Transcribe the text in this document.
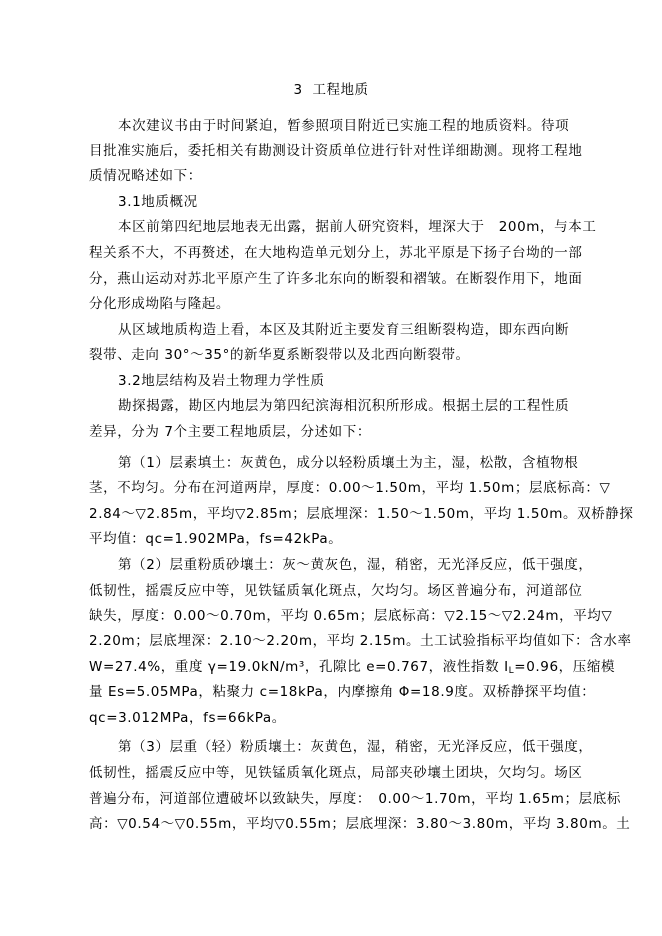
3 工程地质
本次建议书由于时间紧迫，暂参照项目附近已实施工程的地质资料。待项
目批准实施后，委托相关有勘测设计资质单位进行针对性详细勘测。现将工程地
质情况略述如下：
3.1地质概况
本区前第四纪地层地表无出露，据前人研究资料，埋深大于　200m，与本工
程关系不大，不再赘述，在大地构造单元划分上，苏北平原是下扬子台坳的一部
分，燕山运动对苏北平原产生了许多北东向的断裂和褶皱。在断裂作用下，地面
分化形成坳陷与隆起。
从区域地质构造上看，本区及其附近主要发育三组断裂构造，即东西向断
裂带、走向 30°～35°的新华夏系断裂带以及北西向断裂带。
3.2地层结构及岩土物理力学性质
勘探揭露，勘区内地层为第四纪滨海相沉积所形成。根据土层的工程性质
差异，分为 7个主要工程地质层，分述如下：
第（1）层素填土：灰黄色，成分以轻粉质壤土为主，湿，松散，含植物根
茎，不均匀。分布在河道两岸，厚度：0.00～1.50m，平均 1.50m；层底标高：▽
2.84～▽2.85m，平均▽2.85m；层底埋深：1.50～1.50m，平均 1.50m。双桥静探
平均值：qc=1.902MPa，fs=42kPa。
第（2）层重粉质砂壤土：灰～黄灰色，湿，稍密，无光泽反应，低干强度，
低韧性，摇震反应中等，见铁锰质氧化斑点，欠均匀。场区普遍分布，河道部位
缺失，厚度：0.00～0.70m，平均 0.65m；层底标高：▽2.15～▽2.24m，平均▽
2.20m；层底埋深：2.10～2.20m，平均 2.15m。土工试验指标平均值如下：含水率
W=27.4%，重度 γ=19.0kN/m³，孔隙比 e=0.767，液性指数 $I_L=0.96$，压缩模
量 Es=5.05MPa，粘聚力 c=18kPa，内摩擦角 Φ=18.9度。双桥静探平均值：
qc=3.012MPa，fs=66kPa。
第（3）层重（轻）粉质壤土：灰黄色，湿，稍密，无光泽反应，低干强度，
低韧性，摇震反应中等，见铁锰质氧化斑点，局部夹砂壤土团块，欠均匀。场区
普遍分布，河道部位遭破坏以致缺失，厚度：　0.00～1.70m，平均 1.65m；层底标
高：▽0.54～▽0.55m，平均▽0.55m；层底埋深：3.80～3.80m，平均 3.80m。土
